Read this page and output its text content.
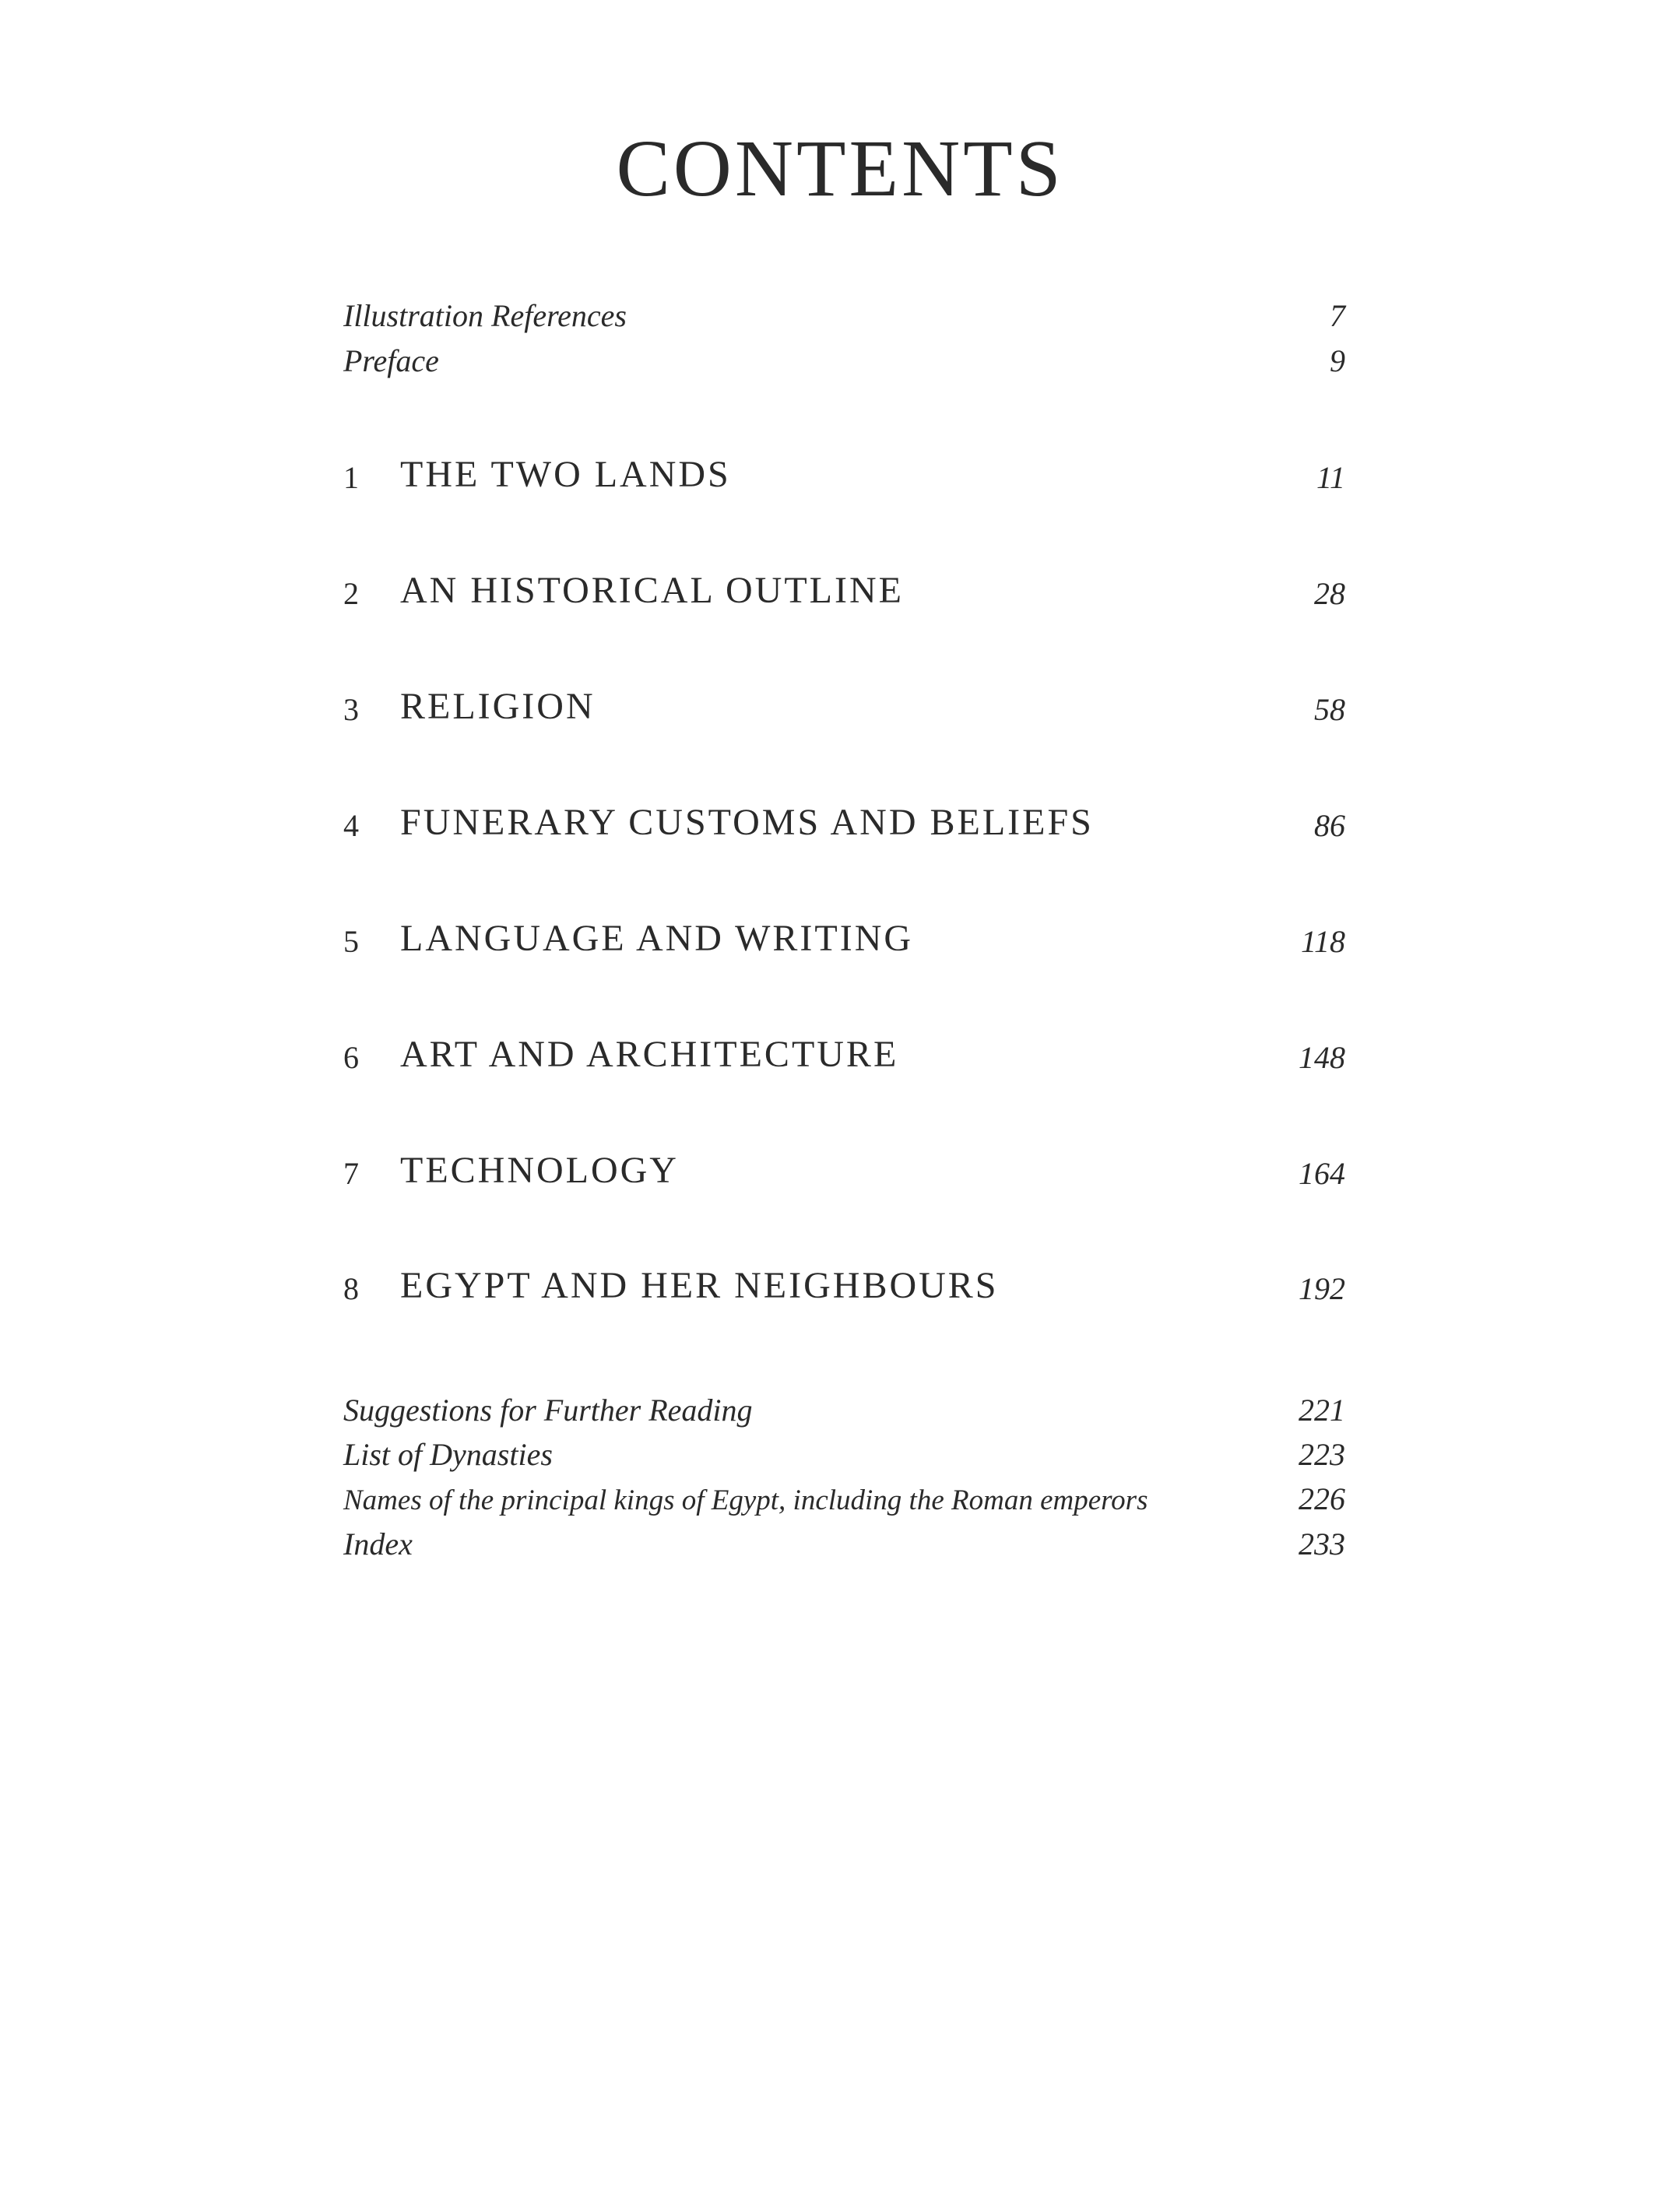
CONTENTS
Illustration References	7
Preface	9
1 THE TWO LANDS	11
2 AN HISTORICAL OUTLINE	28
3 RELIGION	58
4 FUNERARY CUSTOMS AND BELIEFS	86
5 LANGUAGE AND WRITING	118
6 ART AND ARCHITECTURE	148
7 TECHNOLOGY	164
8 EGYPT AND HER NEIGHBOURS	192
Suggestions for Further Reading	221
List of Dynasties	223
Names of the principal kings of Egypt, including the Roman emperors	226
Index	233
